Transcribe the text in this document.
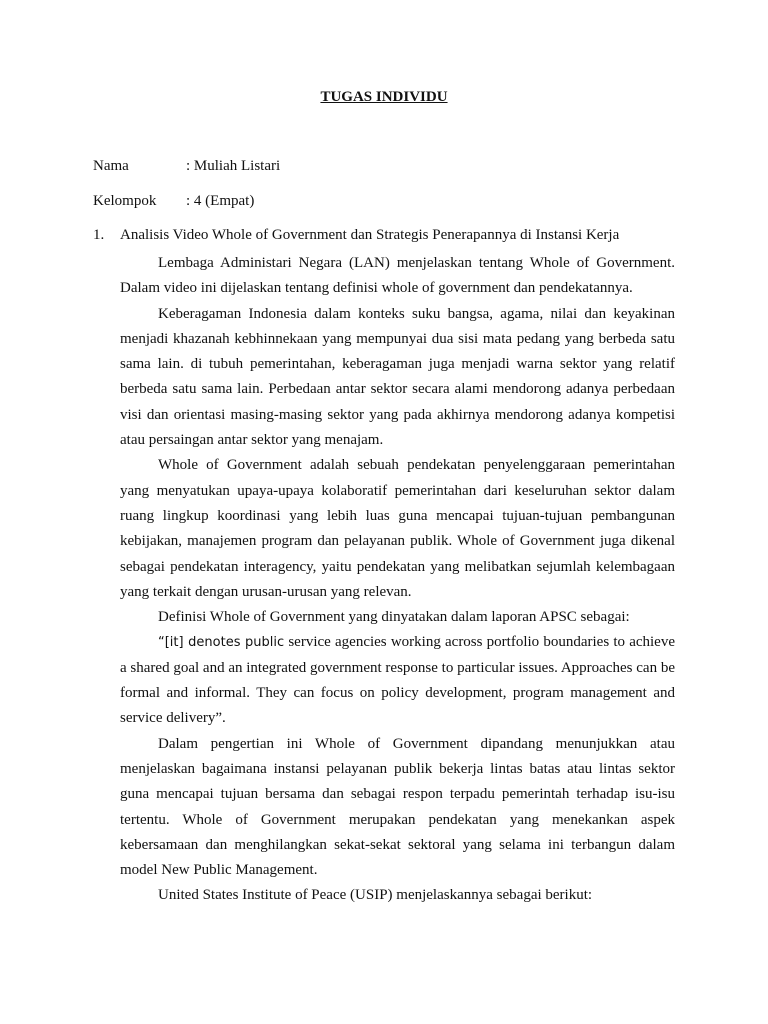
TUGAS INDIVIDU
Nama	: Muliah Listari
Kelompok : 4 (Empat)
1. Analisis Video Whole of Government dan Strategis Penerapannya di Instansi Kerja

Lembaga Administari Negara (LAN) menjelaskan tentang Whole of Government. Dalam video ini dijelaskan tentang definisi whole of government dan pendekatannya.

Keberagaman Indonesia dalam konteks suku bangsa, agama, nilai dan keyakinan menjadi khazanah kebhinnekaan yang mempunyai dua sisi mata pedang yang berbeda satu sama lain. di tubuh pemerintahan, keberagaman juga menjadi warna sektor yang relatif berbeda satu sama lain. Perbedaan antar sektor secara alami mendorong adanya perbedaan visi dan orientasi masing-masing sektor yang pada akhirnya mendorong adanya kompetisi atau persaingan antar sektor yang menajam.

Whole of Government adalah sebuah pendekatan penyelenggaraan pemerintahan yang menyatukan upaya-upaya kolaboratif pemerintahan dari keseluruhan sektor dalam ruang lingkup koordinasi yang lebih luas guna mencapai tujuan-tujuan pembangunan kebijakan, manajemen program dan pelayanan publik. Whole of Government juga dikenal sebagai pendekatan interagency, yaitu pendekatan yang melibatkan sejumlah kelembagaan yang terkait dengan urusan-urusan yang relevan.

Definisi Whole of Government yang dinyatakan dalam laporan APSC sebagai:

“[it] denotes public service agencies working across portfolio boundaries to achieve a shared goal and an integrated government response to particular issues. Approaches can be formal and informal. They can focus on policy development, program management and service delivery”.

Dalam pengertian ini Whole of Government dipandang menunjukkan atau menjelaskan bagaimana instansi pelayanan publik bekerja lintas batas atau lintas sektor guna mencapai tujuan bersama dan sebagai respon terpadu pemerintah terhadap isu-isu tertentu. Whole of Government merupakan pendekatan yang menekankan aspek kebersamaan dan menghilangkan sekat-sekat sektoral yang selama ini terbangun dalam model New Public Management.

United States Institute of Peace (USIP) menjelaskannya sebagai berikut:
